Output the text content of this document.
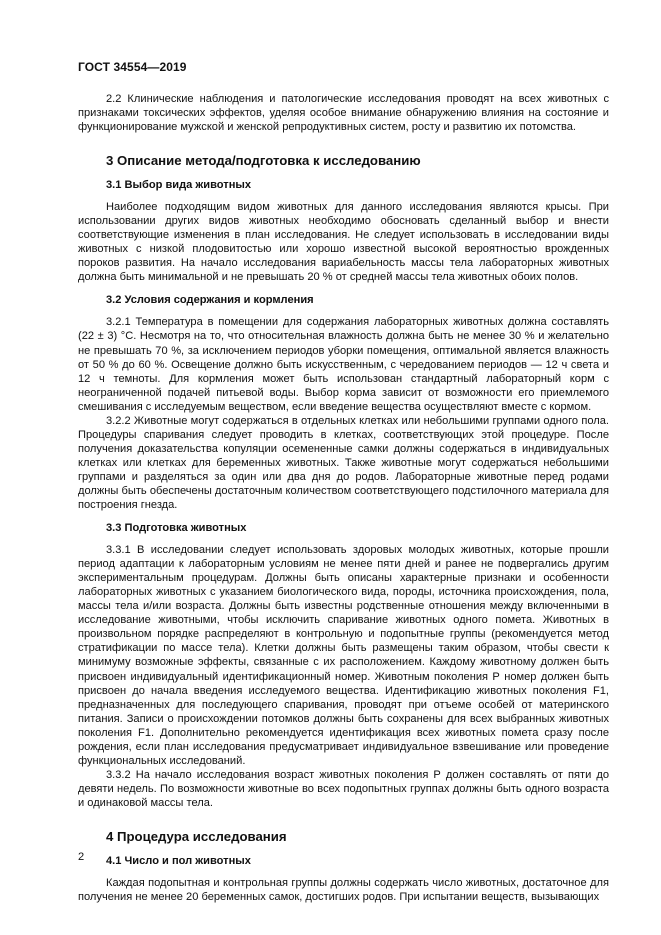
ГОСТ 34554—2019

2.2 Клинические наблюдения и патологические исследования проводят на всех животных с признаками токсических эффектов, уделяя особое внимание обнаружению влияния на состояние и функционирование мужской и женской репродуктивных систем, росту и развитию их потомства.

3 Описание метода/подготовка к исследованию
3.1 Выбор вида животных

Наиболее подходящим видом животных для данного исследования являются крысы. При использовании других видов животных необходимо обосновать сделанный выбор и внести соответствующие изменения в план исследования. Не следует использовать в исследовании виды животных с низкой плодовитостью или хорошо известной высокой вероятностью врожденных пороков развития. На начало исследования вариабельность массы тела лабораторных животных должна быть минимальной и не превышать 20 % от средней массы тела животных обоих полов.

3.2 Условия содержания и кормления

3.2.1 Температура в помещении для содержания лабораторных животных должна составлять (22 ± 3) °С. Несмотря на то, что относительная влажность должна быть не менее 30 % и желательно не превышать 70 %, за исключением периодов уборки помещения, оптимальной является влажность от 50 % до 60 %. Освещение должно быть искусственным, с чередованием периодов — 12 ч света и 12 ч темноты. Для кормления может быть использован стандартный лабораторный корм с неограниченной подачей питьевой воды. Выбор корма зависит от возможности его приемлемого смешивания с исследуемым веществом, если введение вещества осуществляют вместе с кормом.

3.2.2 Животные могут содержаться в отдельных клетках или небольшими группами одного пола. Процедуры спаривания следует проводить в клетках, соответствующих этой процедуре. После получения доказательства копуляции осемененные самки должны содержаться в индивидуальных клетках или клетках для беременных животных. Также животные могут содержаться небольшими группами и разделяться за один или два дня до родов. Лабораторные животные перед родами должны быть обеспечены достаточным количеством соответствующего подстилочного материала для построения гнезда.

3.3 Подготовка животных

3.3.1 В исследовании следует использовать здоровых молодых животных, которые прошли период адаптации к лабораторным условиям не менее пяти дней и ранее не подвергались другим экспериментальным процедурам. Должны быть описаны характерные признаки и особенности лабораторных животных с указанием биологического вида, породы, источника происхождения, пола, массы тела и/или возраста. Должны быть известны родственные отношения между включенными в исследование животными, чтобы исключить спаривание животных одного помета. Животных в произвольном порядке распределяют в контрольную и подопытные группы (рекомендуется метод стратификации по массе тела). Клетки должны быть размещены таким образом, чтобы свести к минимуму возможные эффекты, связанные с их расположением. Каждому животному должен быть присвоен индивидуальный идентификационный номер. Животным поколения Р номер должен быть присвоен до начала введения исследуемого вещества. Идентификацию животных поколения F1, предназначенных для последующего спаривания, проводят при отъеме особей от материнского питания. Записи о происхождении потомков должны быть сохранены для всех выбранных животных поколения F1. Дополнительно рекомендуется идентификация всех животных помета сразу после рождения, если план исследования предусматривает индивидуальное взвешивание или проведение функциональных исследований.

3.3.2 На начало исследования возраст животных поколения Р должен составлять от пяти до девяти недель. По возможности животные во всех подопытных группах должны быть одного возраста и одинаковой массы тела.

4 Процедура исследования
4.1 Число и пол животных

Каждая подопытная и контрольная группы должны содержать число животных, достаточное для получения не менее 20 беременных самок, достигших родов. При испытании веществ, вызывающих

2
